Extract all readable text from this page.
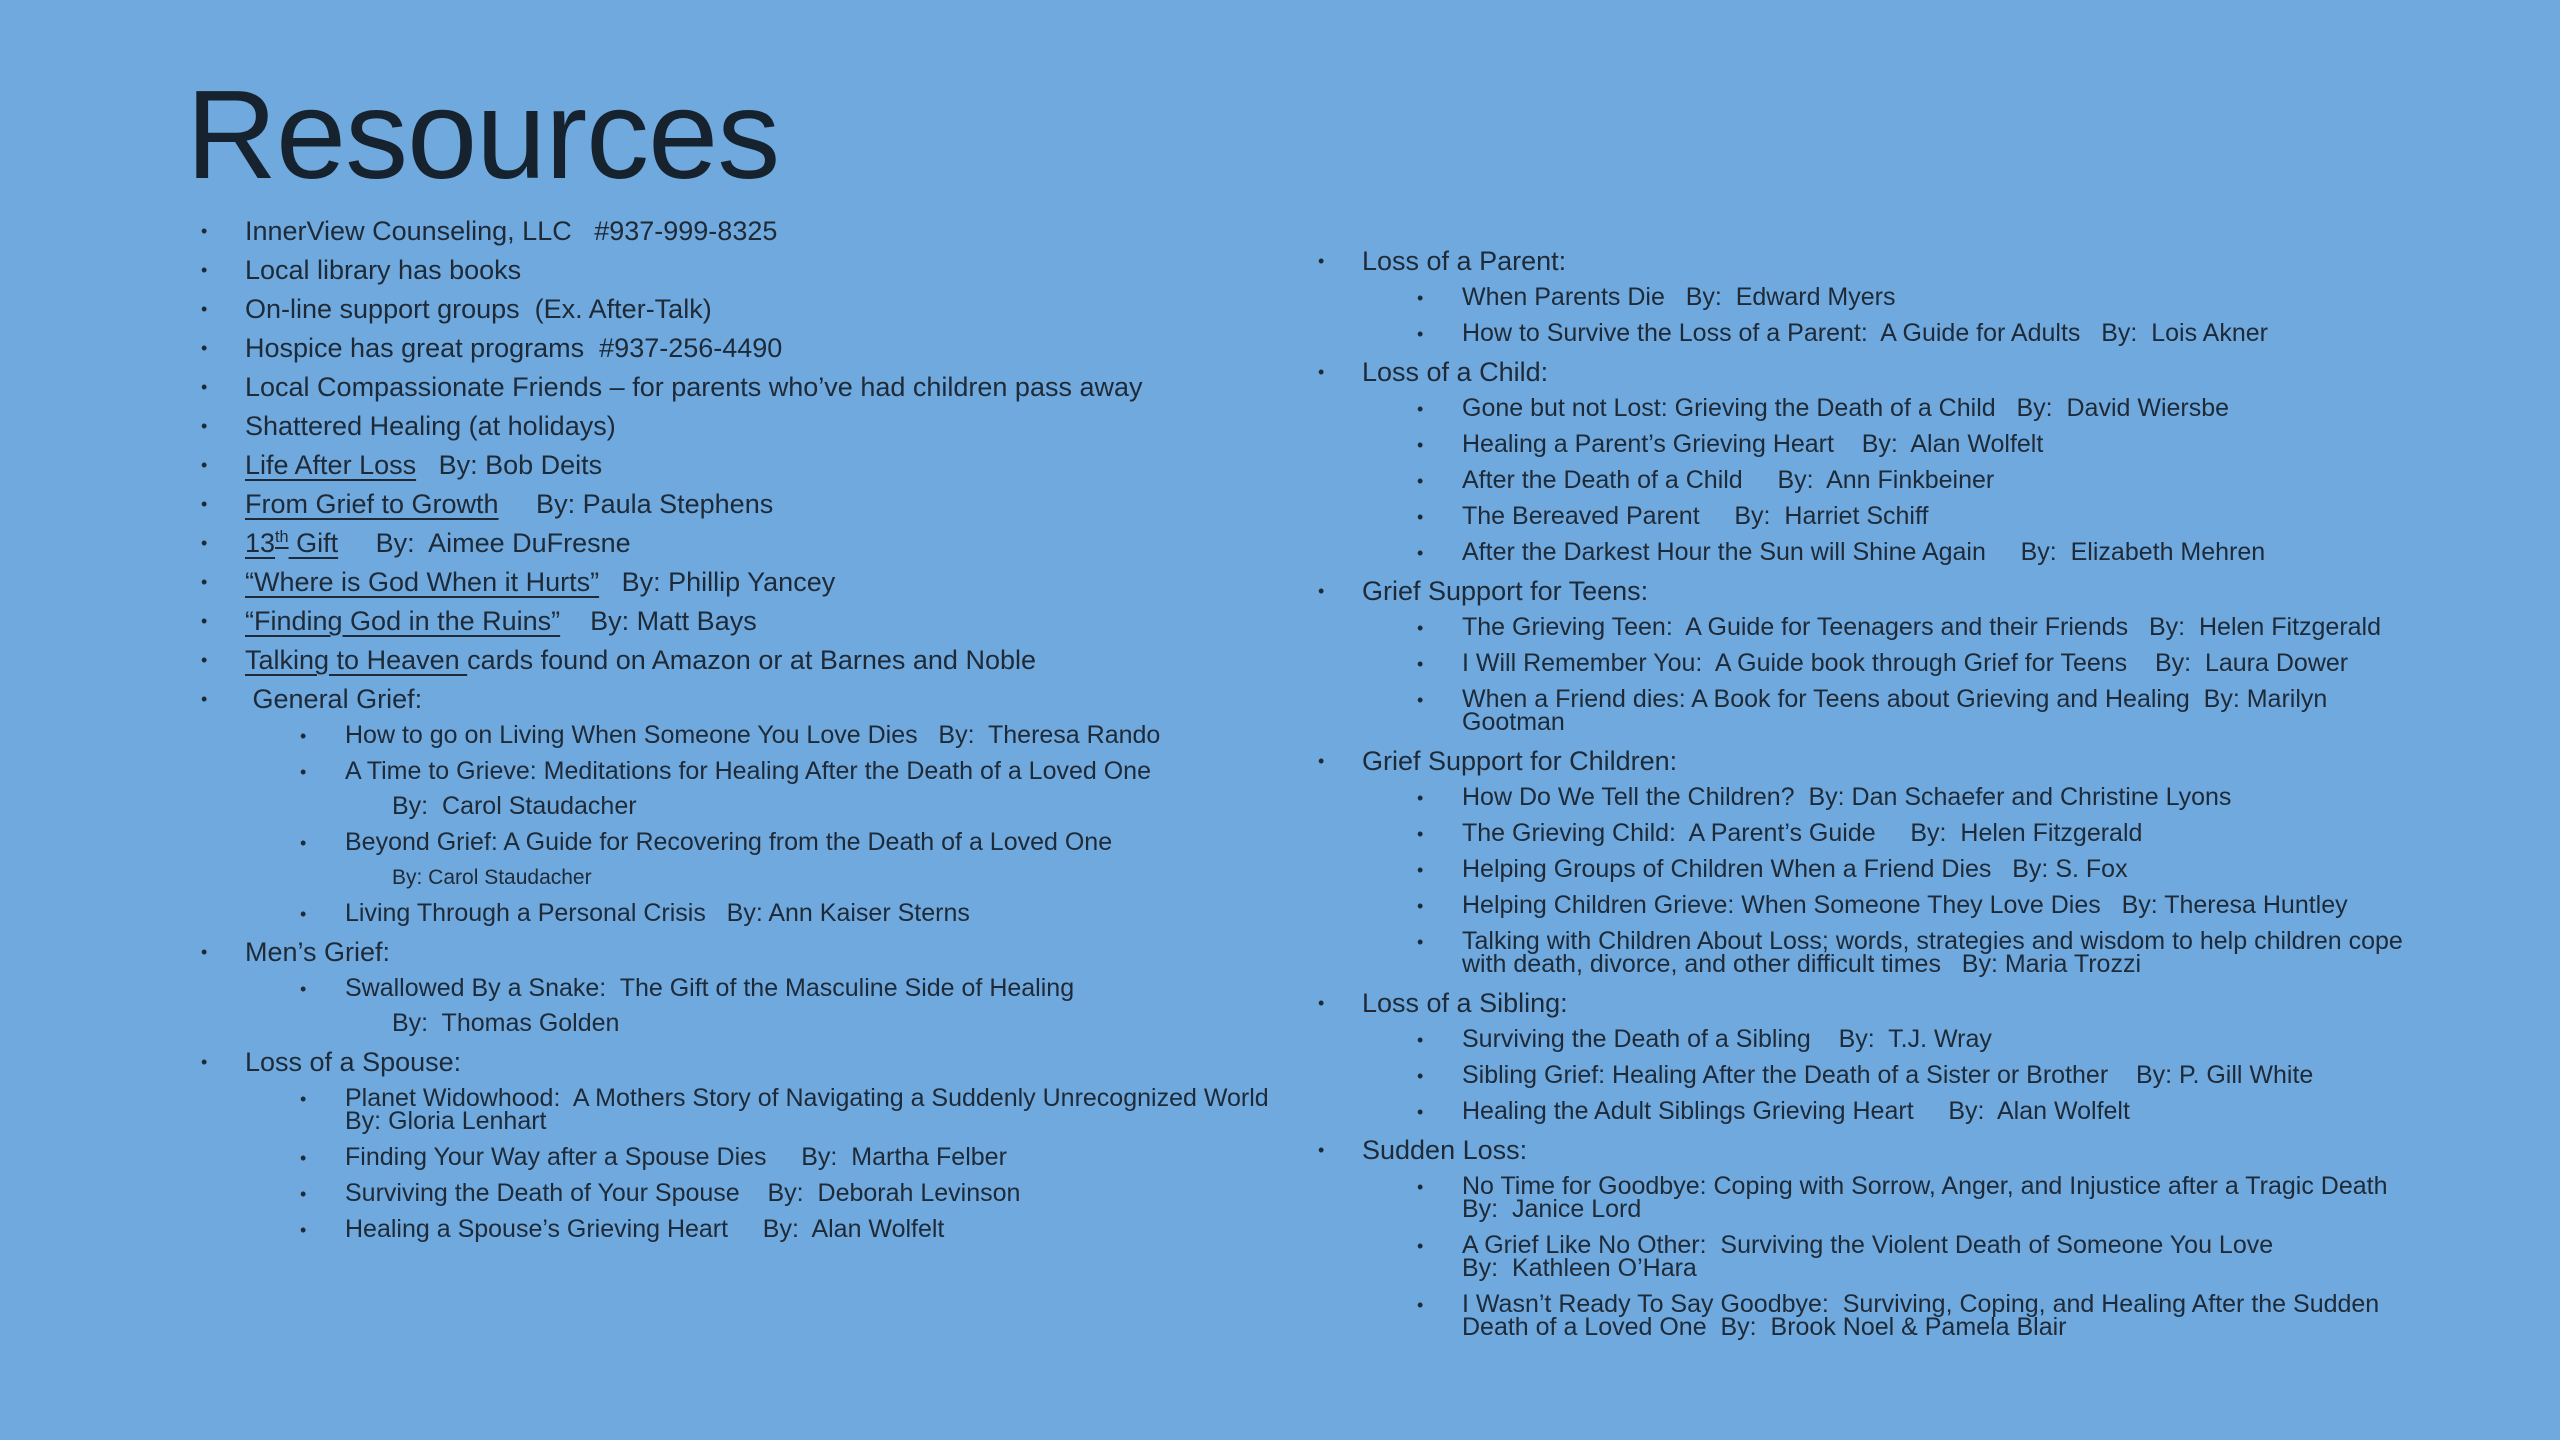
Resources
• InnerView Counseling, LLC   #937-999-8325
• Local library has books
• On-line support groups  (Ex. After-Talk)
• Hospice has great programs  #937-256-4490
• Local Compassionate Friends – for parents who’ve had children pass away
• Shattered Healing (at holidays)
• Life After Loss   By: Bob Deits
• From Grief to Growth     By: Paula Stephens
• 13th Gift     By:  Aimee DuFresne
• “Where is God When it Hurts”   By: Phillip Yancey
• “Finding God in the Ruins”    By: Matt Bays
• Talking to Heaven cards found on Amazon or at Barnes and Noble
• General Grief:
• How to go on Living When Someone You Love Dies   By:  Theresa Rando
• A Time to Grieve: Meditations for Healing After the Death of a Loved One
By:  Carol Staudacher
• Beyond Grief: A Guide for Recovering from the Death of a Loved One
By: Carol Staudacher
• Living Through a Personal Crisis   By: Ann Kaiser Sterns
• Men’s Grief:
• Swallowed By a Snake:  The Gift of the Masculine Side of Healing
By:  Thomas Golden
• Loss of a Spouse:
• Planet Widowhood:  A Mothers Story of Navigating a Suddenly Unrecognized World
By: Gloria Lenhart
• Finding Your Way after a Spouse Dies     By:  Martha Felber
• Surviving the Death of Your Spouse    By:  Deborah Levinson
• Healing a Spouse’s Grieving Heart     By:  Alan Wolfelt
• Loss of a Parent:
• When Parents Die   By:  Edward Myers
• How to Survive the Loss of a Parent:  A Guide for Adults   By:  Lois Akner
• Loss of a Child:
• Gone but not Lost: Grieving the Death of a Child   By:  David Wiersbe
• Healing a Parent’s Grieving Heart    By:  Alan Wolfelt
• After the Death of a Child     By:  Ann Finkbeiner
• The Bereaved Parent     By:  Harriet Schiff
• After the Darkest Hour the Sun will Shine Again     By:  Elizabeth Mehren
• Grief Support for Teens:
• The Grieving Teen:  A Guide for Teenagers and their Friends   By:  Helen Fitzgerald
• I Will Remember You:  A Guide book through Grief for Teens    By:  Laura Dower
• When a Friend dies: A Book for Teens about Grieving and Healing  By: Marilyn
Gootman
• Grief Support for Children:
• How Do We Tell the Children?  By: Dan Schaefer and Christine Lyons
• The Grieving Child:  A Parent’s Guide     By:  Helen Fitzgerald
• Helping Groups of Children When a Friend Dies   By: S. Fox
• Helping Children Grieve: When Someone They Love Dies   By: Theresa Huntley
• Talking with Children About Loss; words, strategies and wisdom to help children cope
with death, divorce, and other difficult times   By: Maria Trozzi
• Loss of a Sibling:
• Surviving the Death of a Sibling    By:  T.J. Wray
• Sibling Grief: Healing After the Death of a Sister or Brother    By: P. Gill White
• Healing the Adult Siblings Grieving Heart     By:  Alan Wolfelt
• Sudden Loss:
• No Time for Goodbye: Coping with Sorrow, Anger, and Injustice after a Tragic Death
By:  Janice Lord
• A Grief Like No Other:  Surviving the Violent Death of Someone You Love
By:  Kathleen O’Hara
• I Wasn’t Ready To Say Goodbye:  Surviving, Coping, and Healing After the Sudden
Death of a Loved One  By:  Brook Noel & Pamela Blair
